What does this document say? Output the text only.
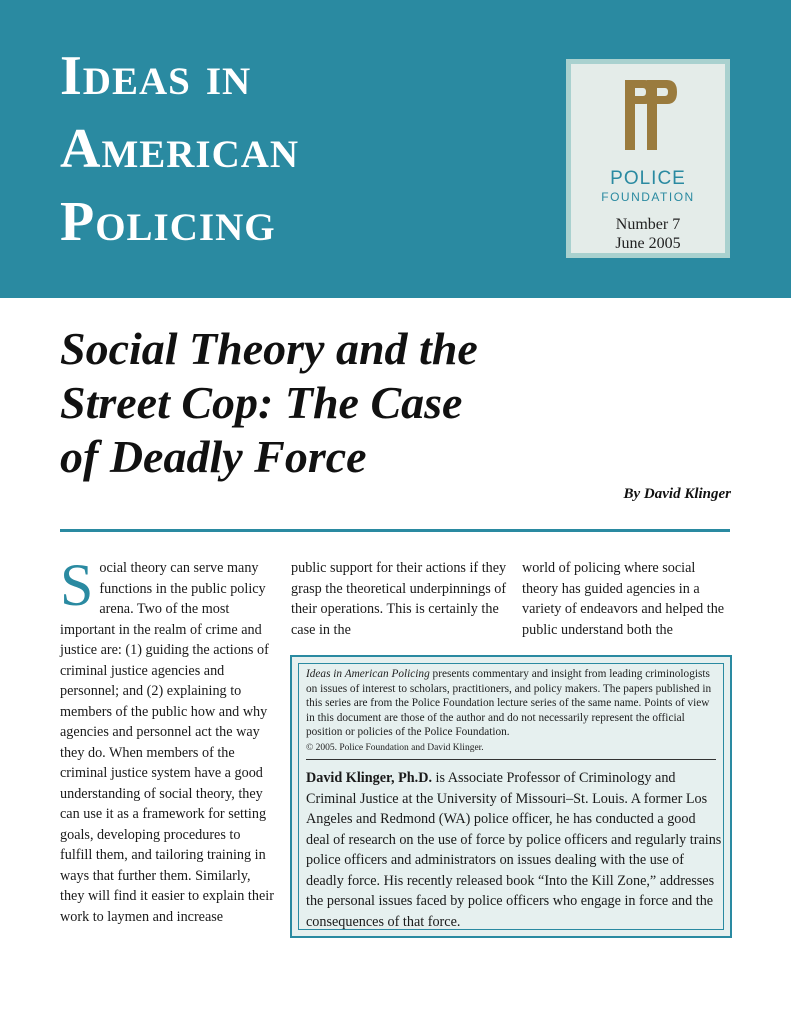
Ideas in
American
Policing
POLICE
FOUNDATION
Number 7
June 2005
Social Theory and the
Street Cop: The Case
of Deadly Force
By David Klinger
Social theory can serve many functions in the public policy arena. Two of the most important in the realm of crime and justice are: (1) guiding the actions of criminal justice agencies and personnel; and (2) explaining to members of the public how and why agencies and personnel act the way they do. When members of the criminal justice system have a good understanding of social theory, they can use it as a framework for setting goals, developing procedures to fulfill them, and tailoring training in ways that further them. Similarly, they will find it easier to explain their work to laymen and increase
public support for their actions if they grasp the theoretical underpinnings of their operations. This is certainly the case in the
world of policing where social theory has guided agencies in a variety of endeavors and helped the public understand both the
Ideas in American Policing presents commentary and insight from leading criminologists on issues of interest to scholars, practitioners, and policy makers. The papers published in this series are from the Police Foundation lecture series of the same name. Points of view in this document are those of the author and do not necessarily represent the official position or policies of the Police Foundation.
© 2005. Police Foundation and David Klinger.
David Klinger, Ph.D. is Associate Professor of Criminology and Criminal Justice at the University of Missouri–St. Louis. A former Los Angeles and Redmond (WA) police officer, he has conducted a good deal of research on the use of force by police officers and regularly trains police officers and administrators on issues dealing with the use of deadly force. His recently released book “Into the Kill Zone,” addresses the personal issues faced by police officers who engage in force and the consequences of that force.
